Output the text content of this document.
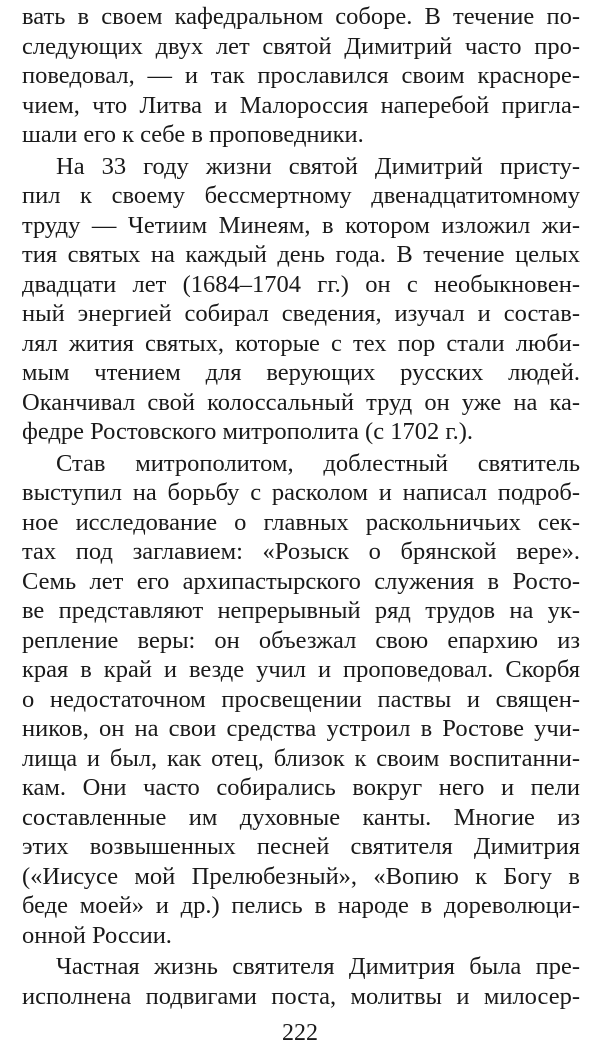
вать в своем кафедральном соборе. В течение по-
следующих двух лет святой Димитрий часто про-
поведовал, — и так прославился своим красноре-
чием, что Литва и Малороссия наперебой пригла-
шали его к себе в проповедники.
На 33 году жизни святой Димитрий присту-
пил к своему бессмертному двенадцатитомному
труду — Четиим Минеям, в котором изложил жи-
тия святых на каждый день года. В течение целых
двадцати лет (1684–1704 гг.) он с необыкновен-
ный энергией собирал сведения, изучал и состав-
лял жития святых, которые с тех пор стали люби-
мым чтением для верующих русских людей.
Оканчивал свой колоссальный труд он уже на ка-
федре Ростовского митрополита (с 1702 г.).
Став митрополитом, доблестный святитель
выступил на борьбу с расколом и написал подроб-
ное исследование о главных раскольничьих сек-
тах под заглавием: «Розыск о брянской вере».
Семь лет его архипастырского служения в Росто-
ве представляют непрерывный ряд трудов на ук-
репление веры: он объезжал свою епархию из
края в край и везде учил и проповедовал. Скорбя
о недостаточном просвещении паствы и священ-
ников, он на свои средства устроил в Ростове учи-
лища и был, как отец, близок к своим воспитанни-
кам. Они часто собирались вокруг него и пели
составленные им духовные канты. Многие из
этих возвышенных песней святителя Димитрия
(«Иисусе мой Прелюбезный», «Вопию к Богу в
беде моей» и др.) пелись в народе в дореволюци-
онной России.
Частная жизнь святителя Димитрия была пре-
исполнена подвигами поста, молитвы и милосер-
222
